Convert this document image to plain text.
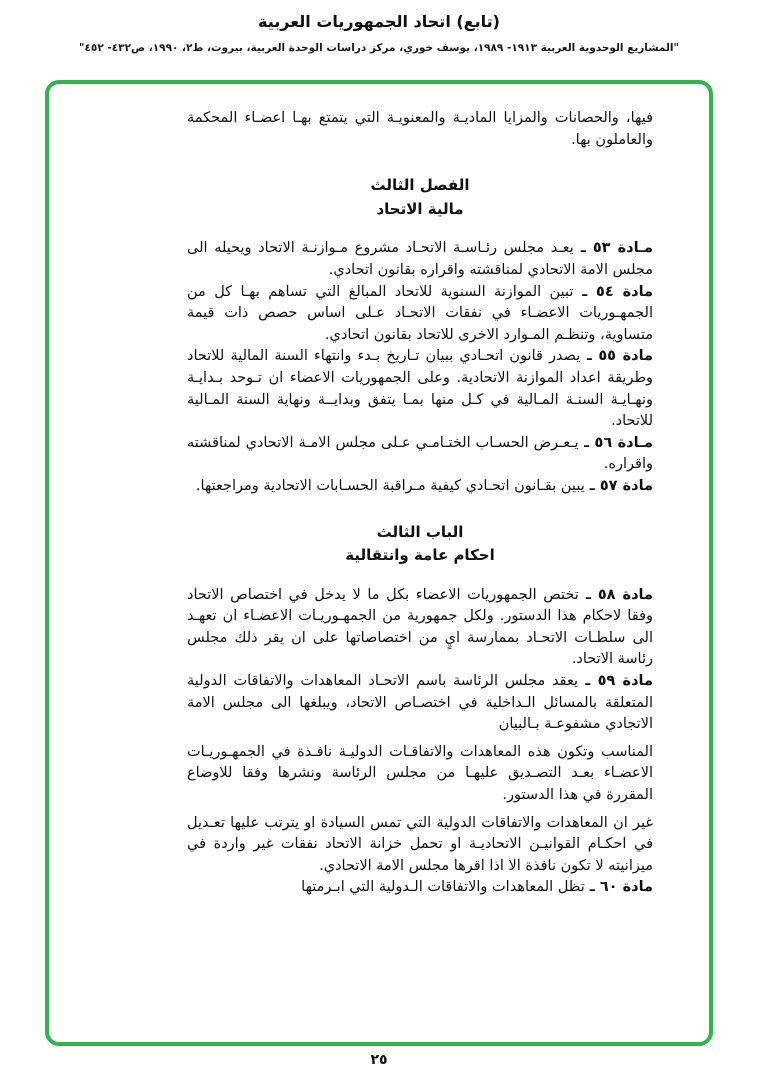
(تابع) اتحاد الجمهوريات العربية
"المشاريع الوحدوية العربية ١٩١٣- ١٩٨٩، يوسف خوري، مركز دراسات الوحدة العربية، بيروت، ط٢، ١٩٩٠، ص٤٣٢- ٤٥٢"
فيها، والحصانات والمزايا الماديـة والمعنويـة التي يتمتع بهـا اعضـاء المحكمة والعاملون بها.
الفصل الثالث
مالية الاتحاد
مـادة ٥٣ ـ يعـد مجلس رئـاسـة الاتحـاد مشروع مـوازنـة الاتحاد ويحيله الى مجلس الامة الاتحادي لمناقشته واقراره بقانون اتحادي.
مادة ٥٤ ـ تبين الموازنة السنوية للاتحاد المبالغ التي تساهم بهـا كل من الجمهـوريات الاعضـاء في نفقات الاتحـاد عـلى اساس حصص ذات قيمة متساوية، وتنظـم المـوارد الاخرى للاتحاد بقانون اتحادي.
مادة ٥٥ ـ يصدر قانون اتحـادي ببيان تـاريخ بـدء وانتهاء السنة المالية للاتحاد وطريقة اعداد الموازنة الاتحادية. وعلى الجمهوريات الاعضاء ان تـوحد بـدايـة ونهـايـة السنـة المـالية في كـل منها بمـا يتفق وبدايــة ونهاية السنة المـالية للاتحاد.
مـادة ٥٦ ـ يـعـرض الحسـاب الختـامـي عـلى مجلس الامـة الاتحادي لمناقشته واقراره.
مادة ٥٧ ـ يبين بقـانون اتحـادي كيفية مـراقبة الحسـابات الاتحادية ومراجعتها.
الباب الثالث
احكام عامة وانتقالية
مادة ٥٨ ـ تختص الجمهوريات الاعضاء بكل ما لا يدخل في اختصاص الاتحاد وفقا لاحكام هذا الدستور. ولكل جمهورية من الجمهـوريـات الاعضـاء ان تعهـد الى سلطـات الاتحـاد بممارسة ايٍ من اختصاصاتها على ان يقر ذلك مجلس رئاسة الاتحاد.
مادة ٥٩ ـ يعقد مجلس الرئاسة باسم الاتحـاد المعاهدات والاتفاقات الدولية المتعلقة بالمسائل الـداخلية في اختصـاص الاتحاد، ويبلغها الى مجلس الامة الاتجادي مشفوعـة بـالبيان
المناسب وتكون هذه المعاهدات والاتفاقـات الدوليـة نافـذة في الجمهـوريـات الاعضـاء بعـد التصـديق عليهـا من مجلس الرئاسة ونشرها وفقا للاوضاع المقررة في هذا الدستور.
غير ان المعاهدات والاتفاقات الدولية التي تمس السيادة او يترتب عليها تعـديل في احكـام القوانيـن الاتحاديـة او تحمل خزانة الاتحاد نفقات غير واردة في ميزانيته لا تكون نافذة الا اذا اقرها مجلس الامة الاتحادي.
مادة ٦٠ ـ تظل المعاهدات والاتفاقات الـدولية التي ابـرمتها
٢٥
